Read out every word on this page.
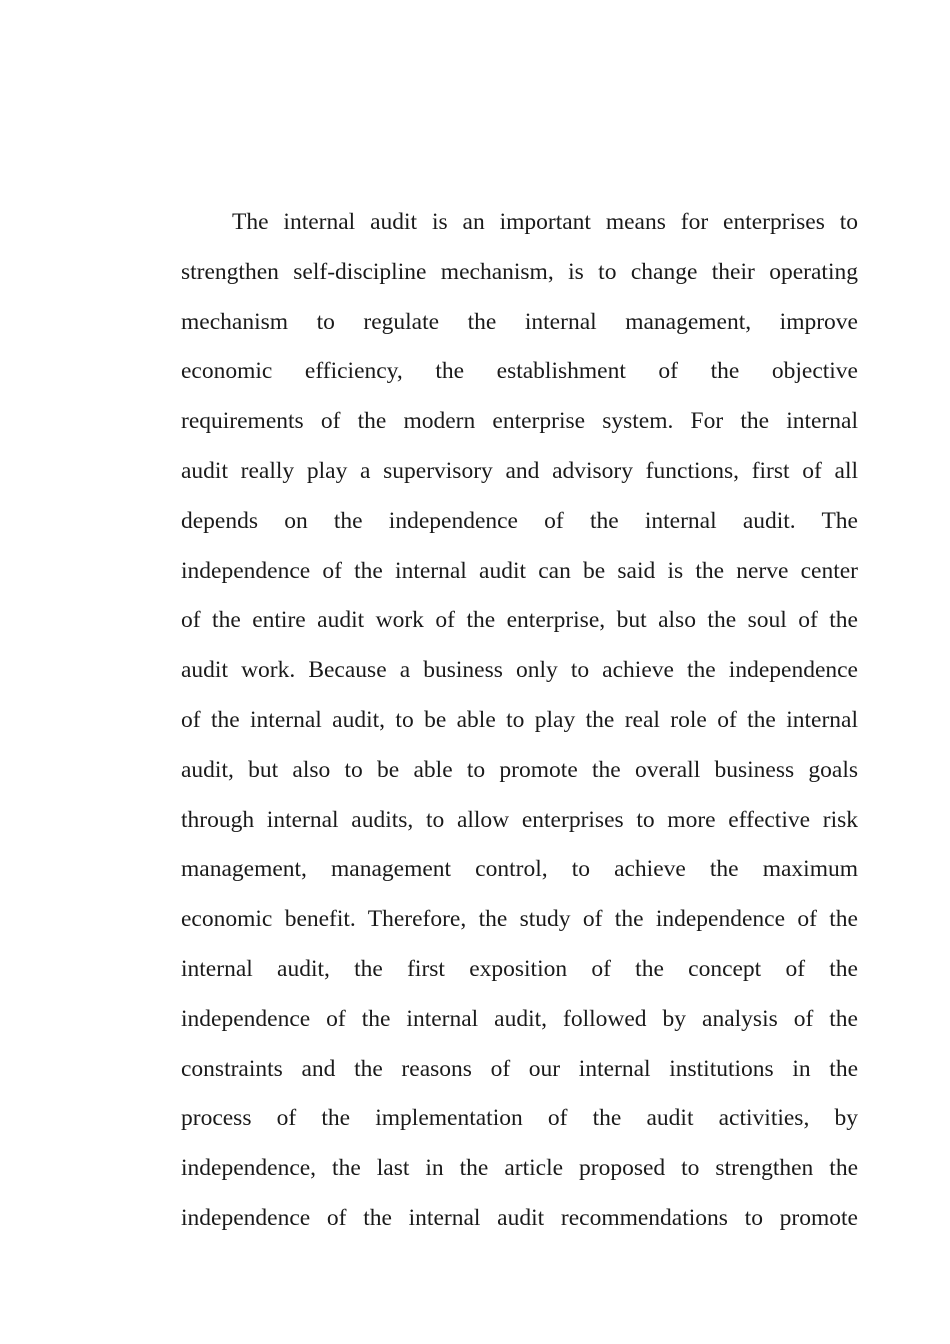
The internal audit is an important means for enterprises to
strengthen self-discipline mechanism, is to change their operating
mechanism to regulate the internal management, improve
economic efficiency, the establishment of the objective
requirements of the modern enterprise system. For the internal
audit really play a supervisory and advisory functions, first of all
depends on the independence of the internal audit. The
independence of the internal audit can be said is the nerve center
of the entire audit work of the enterprise, but also the soul of the
audit work. Because a business only to achieve the independence
of the internal audit, to be able to play the real role of the internal
audit, but also to be able to promote the overall business goals
through internal audits, to allow enterprises to more effective risk
management, management control, to achieve the maximum
economic benefit. Therefore, the study of the independence of the
internal audit, the first exposition of the concept of the
independence of the internal audit, followed by analysis of the
constraints and the reasons of our internal institutions in the
process of the implementation of the audit activities, by
independence, the last in the article proposed to strengthen the
independence of the internal audit recommendations to promote
